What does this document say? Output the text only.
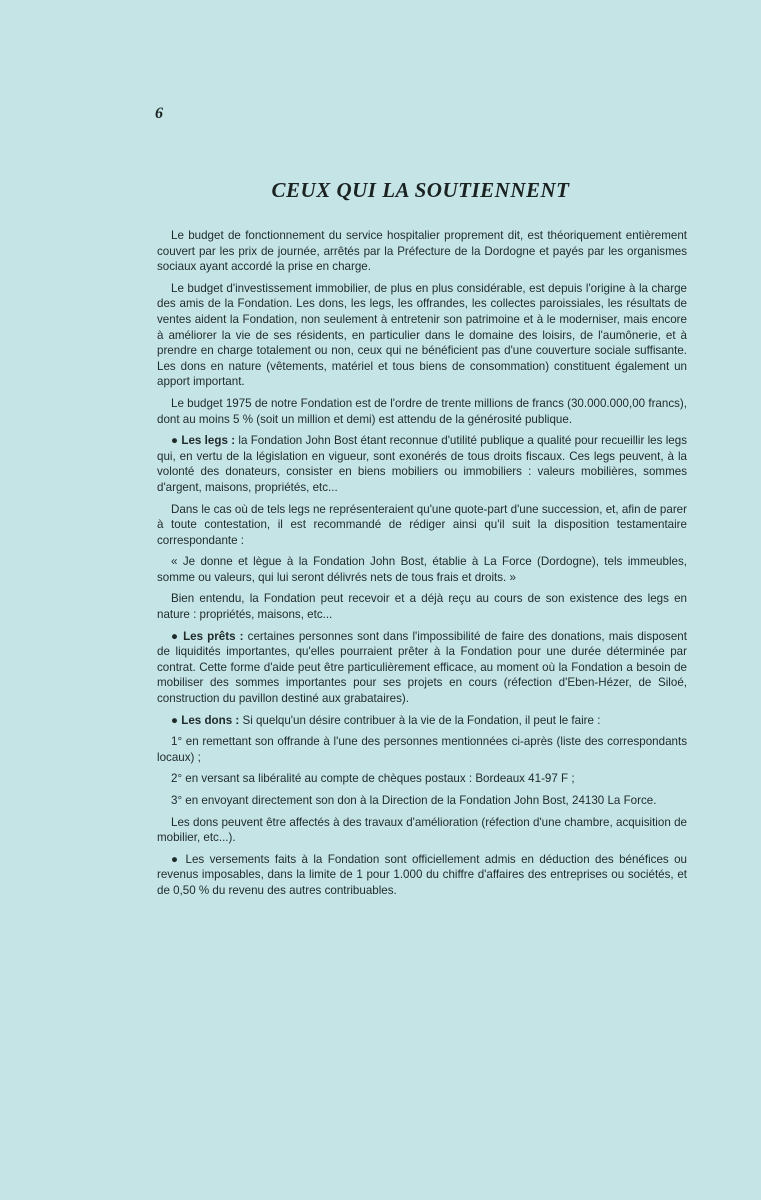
6
CEUX QUI LA SOUTIENNENT

Le budget de fonctionnement du service hospitalier proprement dit, est théoriquement entièrement couvert par les prix de journée, arrêtés par la Préfecture de la Dordogne et payés par les organismes sociaux ayant accordé la prise en charge.

Le budget d'investissement immobilier, de plus en plus considérable, est depuis l'origine à la charge des amis de la Fondation. Les dons, les legs, les offrandes, les collectes paroissiales, les résultats de ventes aident la Fondation, non seulement à entretenir son patrimoine et à le moderniser, mais encore à améliorer la vie de ses résidents, en particulier dans le domaine des loisirs, de l'aumônerie, et à prendre en charge totalement ou non, ceux qui ne bénéficient pas d'une couverture sociale suffisante. Les dons en nature (vêtements, matériel et tous biens de consommation) constituent également un apport important.

Le budget 1975 de notre Fondation est de l'ordre de trente millions de francs (30.000.000,00 francs), dont au moins 5 % (soit un million et demi) est attendu de la générosité publique.

● Les legs : la Fondation John Bost étant reconnue d'utilité publique a qualité pour recueillir les legs qui, en vertu de la législation en vigueur, sont exonérés de tous droits fiscaux. Ces legs peuvent, à la volonté des donateurs, consister en biens mobiliers ou immobiliers : valeurs mobilières, sommes d'argent, maisons, propriétés, etc...

Dans le cas où de tels legs ne représenteraient qu'une quote-part d'une succession, et, afin de parer à toute contestation, il est recommandé de rédiger ainsi qu'il suit la disposition testamentaire correspondante :

« Je donne et lègue à la Fondation John Bost, établie à La Force (Dordogne), tels immeubles, somme ou valeurs, qui lui seront délivrés nets de tous frais et droits. »

Bien entendu, la Fondation peut recevoir et a déjà reçu au cours de son existence des legs en nature : propriétés, maisons, etc...

● Les prêts : certaines personnes sont dans l'impossibilité de faire des donations, mais disposent de liquidités importantes, qu'elles pourraient prêter à la Fondation pour une durée déterminée par contrat. Cette forme d'aide peut être particulièrement efficace, au moment où la Fondation a besoin de mobiliser des sommes importantes pour ses projets en cours (réfection d'Eben-Hézer, de Siloé, construction du pavillon destiné aux grabataires).

● Les dons : Si quelqu'un désire contribuer à la vie de la Fondation, il peut le faire :

1° en remettant son offrande à l'une des personnes mentionnées ci-après (liste des correspondants locaux) ;

2° en versant sa libéralité au compte de chèques postaux : Bordeaux 41-97 F ;

3° en envoyant directement son don à la Direction de la Fondation John Bost, 24130 La Force.

Les dons peuvent être affectés à des travaux d'amélioration (réfection d'une chambre, acquisition de mobilier, etc...).

● Les versements faits à la Fondation sont officiellement admis en déduction des bénéfices ou revenus imposables, dans la limite de 1 pour 1.000 du chiffre d'affaires des entreprises ou sociétés, et de 0,50 % du revenu des autres contribuables.
